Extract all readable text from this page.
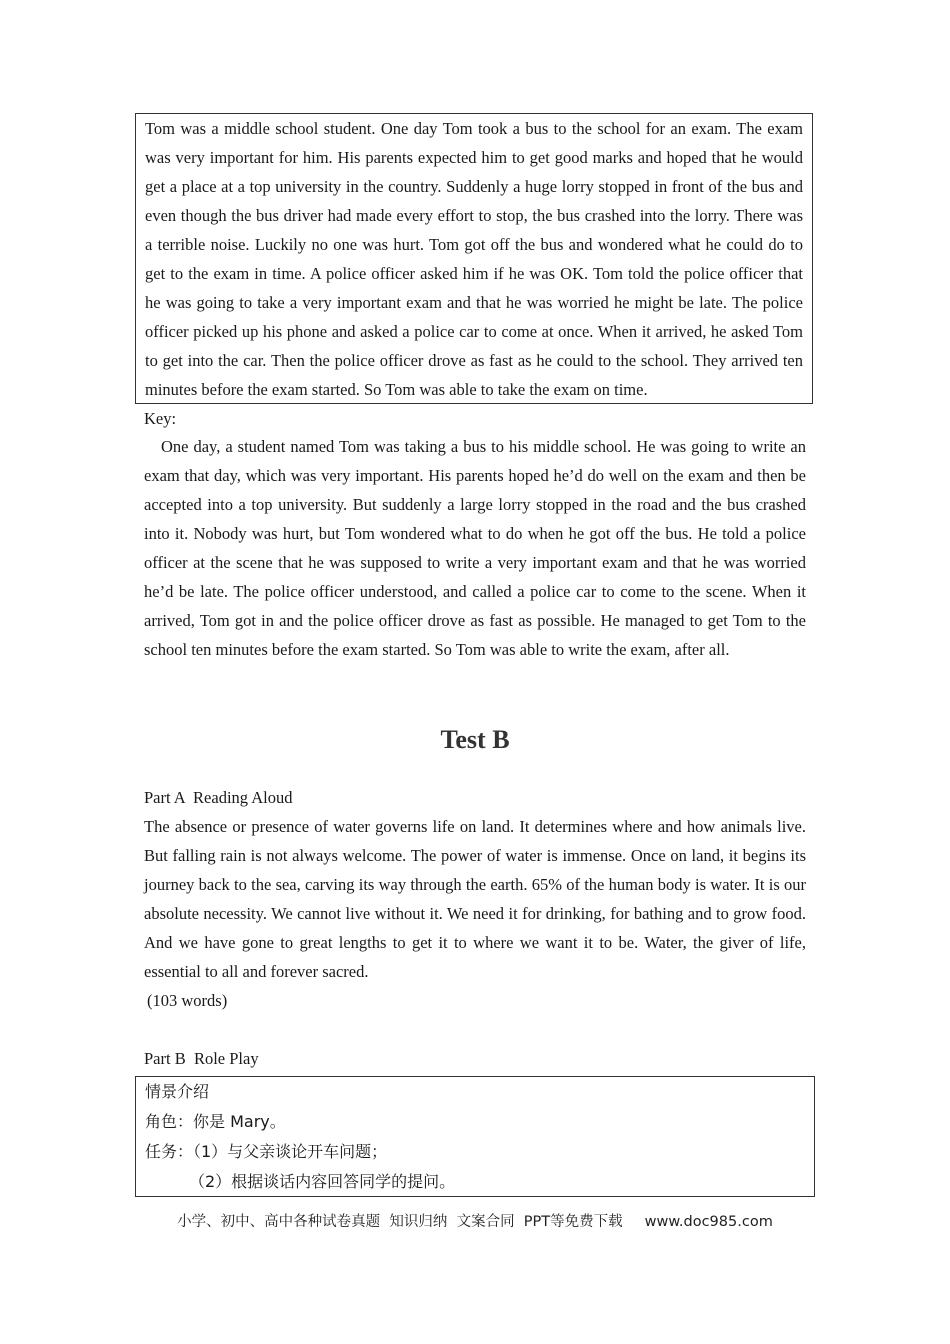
Tom was a middle school student. One day Tom took a bus to the school for an exam. The exam was very important for him. His parents expected him to get good marks and hoped that he would get a place at a top university in the country. Suddenly a huge lorry stopped in front of the bus and even though the bus driver had made every effort to stop, the bus crashed into the lorry. There was a terrible noise. Luckily no one was hurt. Tom got off the bus and wondered what he could do to get to the exam in time. A police officer asked him if he was OK. Tom told the police officer that he was going to take a very important exam and that he was worried he might be late. The police officer picked up his phone and asked a police car to come at once. When it arrived, he asked Tom to get into the car. Then the police officer drove as fast as he could to the school. They arrived ten minutes before the exam started. So Tom was able to take the exam on time.

Key:

One day, a student named Tom was taking a bus to his middle school. He was going to write an exam that day, which was very important. His parents hoped he’d do well on the exam and then be accepted into a top university. But suddenly a large lorry stopped in the road and the bus crashed into it. Nobody was hurt, but Tom wondered what to do when he got off the bus. He told a police officer at the scene that he was supposed to write a very important exam and that he was worried he’d be late. The police officer understood, and called a police car to come to the scene. When it arrived, Tom got in and the police officer drove as fast as possible. He managed to get Tom to the school ten minutes before the exam started. So Tom was able to write the exam, after all.

Test B
Part A  Reading Aloud

The absence or presence of water governs life on land. It determines where and how animals live. But falling rain is not always welcome. The power of water is immense. Once on land, it begins its journey back to the sea, carving its way through the earth. 65% of the human body is water. It is our absolute necessity. We cannot live without it. We need it for drinking, for bathing and to grow food. And we have gone to great lengths to get it to where we want it to be. Water, the giver of life, essential to all and forever sacred.

(103 words)
Part B  Role Play
情景介绍
角色：你是 Mary。
任务：（1）与父亲谈论开车问题；
（2）根据谈话内容回答同学的提问。
小学、初中、高中各种试卷真题  知识归纳  文案合同  PPT等免费下载 www.doc985.com
